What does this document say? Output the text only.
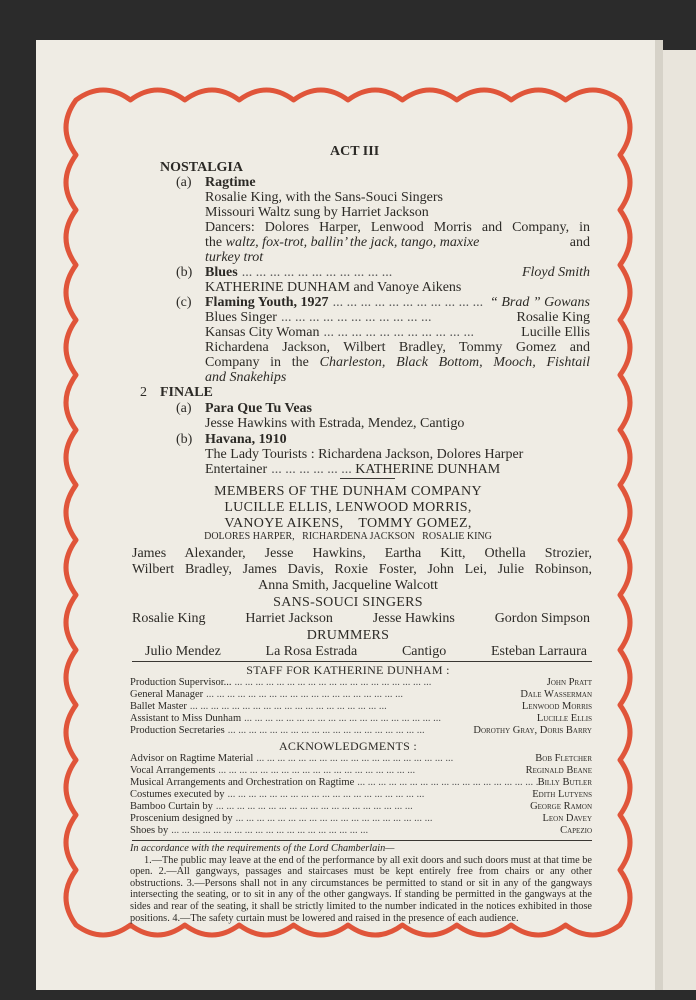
ACT III
NOSTALGIA
(a) Ragtime
Rosalie King, with the Sans-Souci Singers
Missouri Waltz sung by Harriet Jackson
Dancers: Dolores Harper, Lenwood Morris and Company, in
the waltz, fox-trot, ballin’ the jack, tango, maxixe	and
turkey trot
(b) Blues ...	Floyd Smith
KATHERINE DUNHAM and Vanoye Aikens
(c) Flaming Youth, 1927 ...	“ Brad ” Gowans
Blues Singer ...	Rosalie King
Kansas City Woman ...	Lucille Ellis
Richardena Jackson, Wilbert Bradley, Tommy Gomez and
Company in the Charleston, Black Bottom, Mooch, Fishtail
and Snakehips
2 FINALE
(a) Para Que Tu Veas
Jesse Hawkins with Estrada, Mendez, Cantigo
(b) Havana, 1910
The Lady Tourists : Richardena Jackson, Dolores Harper
Entertainer ...	KATHERINE DUNHAM
MEMBERS OF THE DUNHAM COMPANY
LUCILLE ELLIS, LENWOOD MORRIS,
VANOYE AIKENS,    TOMMY GOMEZ,
DOLORES HARPER,   RICHARDENA JACKSON   ROSALIE KING
James Alexander, Jesse Hawkins, Eartha Kitt, Othella Strozier,
Wilbert Bradley, James Davis, Roxie Foster, John Lei, Julie Robinson,
Anna Smith, Jacqueline Walcott
SANS-SOUCI SINGERS
Rosalie King	Harriet Jackson	Jesse Hawkins	Gordon Simpson
DRUMMERS
Julio Mendez	La Rosa Estrada	Cantigo	Esteban Larraura
STAFF FOR KATHERINE DUNHAM :
Production Supervisor... ...	John Pratt
General Manager ...	Dale Wasserman
Ballet Master ...	Lenwood Morris
Assistant to Miss Dunham ...	Lucille Ellis
Production Secretaries ...	Dorothy Gray, Doris Barry
ACKNOWLEDGMENTS :
Advisor on Ragtime Material ...	Bob Fletcher
Vocal Arrangements ...	Reginald Beane
Musical Arrangements and Orchestration on Ragtime ...	Billy Butler
Costumes executed by ...	Edith Lutyens
Bamboo Curtain by ...	George Ramon
Proscenium designed by ...	Leon Davey
Shoes by ...	Capezio

In accordance with the requirements of the Lord Chamberlain—

1.—The public may leave at the end of the performance by all exit doors and such doors must at that time be open. 2.—All gangways, passages and staircases must be kept entirely free from chairs or any other obstructions. 3.—Persons shall not in any circumstances be permitted to stand or sit in any of the gangways intersecting the seating, or to sit in any of the other gangways. If standing be permitted in the gangways at the sides and rear of the seating, it shall be strictly limited to the number indicated in the notices exhibited in those positions. 4.—The safety curtain must be lowered and raised in the presence of each audience.
